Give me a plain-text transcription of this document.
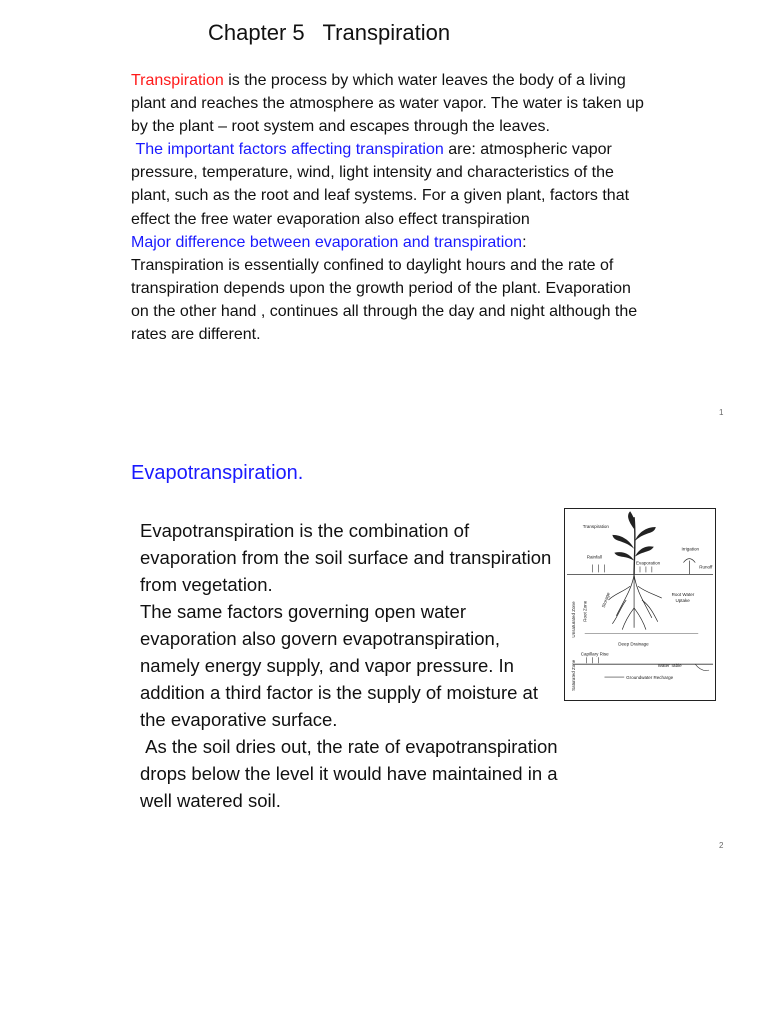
Chapter 5   Transpiration

Transpiration is the process by which water leaves the body of a living plant and reaches the atmosphere as water vapor. The water is taken up by the plant – root system and escapes through the leaves.

The important factors affecting transpiration are: atmospheric vapor pressure, temperature, wind, light intensity and characteristics of the plant, such as the root and leaf systems. For a given plant, factors that effect the free water evaporation also effect transpiration

Major difference between evaporation and transpiration:

Transpiration is essentially confined to daylight hours and the rate of transpiration depends upon the growth period of the plant. Evaporation on the other hand , continues all through the day and night although the rates are different.

1
Evapotranspiration.

Evapotranspiration is the combination of evaporation from the soil surface and transpiration from vegetation.

The same factors governing open water evaporation also govern evapotranspiration, namely energy supply, and vapor pressure. In addition a third factor is the supply of moisture at the evaporative surface.

As the soil dries out, the rate of evapotranspiration drops below the level it would have maintained in a well watered soil.

Transpiration
Irrigation
Rainfall
Evaporation
Runoff
Root Water
Uptake
Storage
Root Zone
Unsaturated Zone
Deep Drainage
Capillary Rise
Water Table
Groundwater Recharge
Saturated Zone
2
